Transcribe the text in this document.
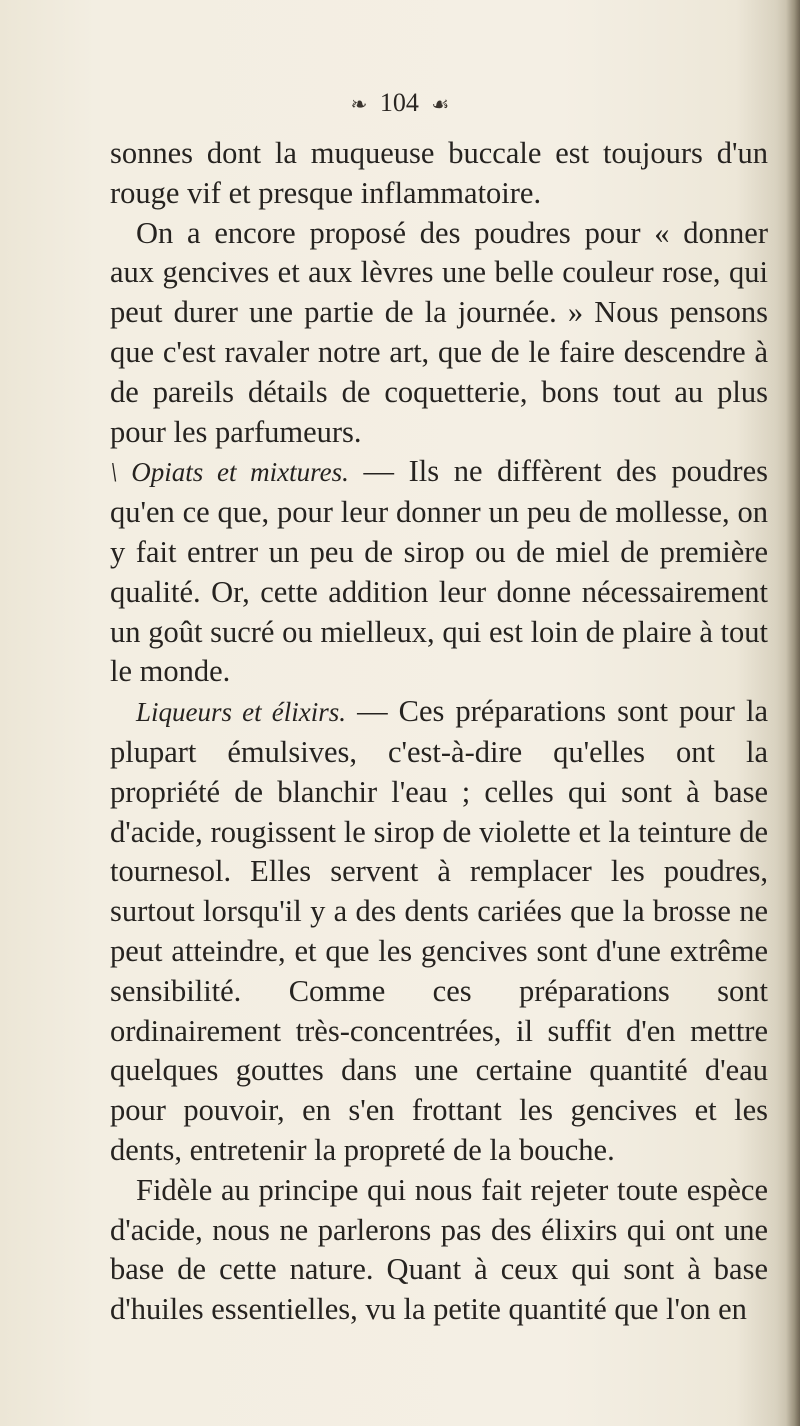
❧ 104 ☙

sonnes dont la muqueuse buccale est toujours d'un rouge vif et presque inflammatoire.

On a encore proposé des poudres pour « donner aux gencives et aux lèvres une belle couleur rose, qui peut durer une partie de la journée. » Nous pensons que c'est ravaler notre art, que de le faire descendre à de pareils détails de coquetterie, bons tout au plus pour les parfumeurs.

\ Opiats et mixtures. — Ils ne diffèrent des poudres qu'en ce que, pour leur donner un peu de mollesse, on y fait entrer un peu de sirop ou de miel de première qualité. Or, cette addition leur donne nécessairement un goût sucré ou mielleux, qui est loin de plaire à tout le monde.

Liqueurs et élixirs. — Ces préparations sont pour la plupart émulsives, c'est-à-dire qu'elles ont la propriété de blanchir l'eau ; celles qui sont à base d'acide, rougissent le sirop de violette et la teinture de tournesol. Elles servent à remplacer les poudres, surtout lorsqu'il y a des dents cariées que la brosse ne peut atteindre, et que les gencives sont d'une extrême sensibilité. Comme ces préparations sont ordinairement très-concentrées, il suffit d'en mettre quelques gouttes dans une certaine quantité d'eau pour pouvoir, en s'en frottant les gencives et les dents, entretenir la propreté de la bouche.

Fidèle au principe qui nous fait rejeter toute espèce d'acide, nous ne parlerons pas des élixirs qui ont une base de cette nature. Quant à ceux qui sont à base d'huiles essentielles, vu la petite quantité que l'on en
